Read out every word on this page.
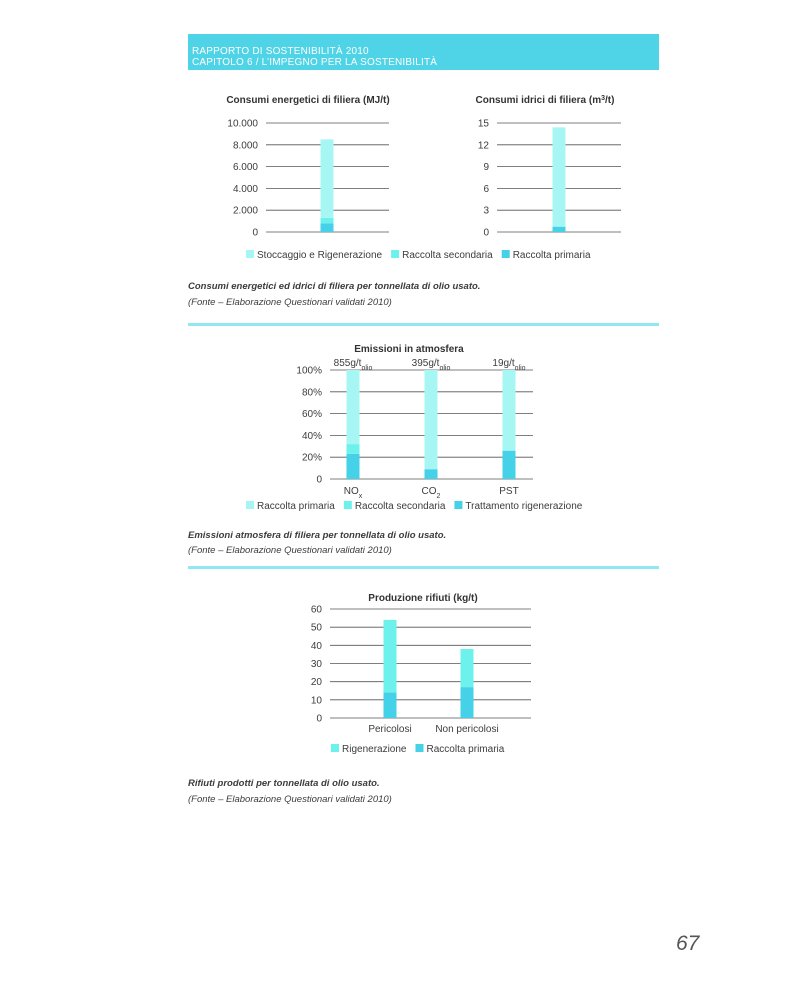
RAPPORTO DI SOSTENIBILITÀ 2010
CAPITOLO 6 / L’IMPEGNO PER LA SOSTENIBILITÀ
Consumi energetici di filiera (MJ/t)
0
2.000
4.000
6.000
8.000
10.000
Consumi idrici di filiera $(m^3/t)$
0
3
6
9
12
15
Stoccaggio e Rigenerazione Raccolta secondaria Raccolta primaria
Consumi energetici ed idrici di filiera per tonnellata di olio usato.
(Fonte – Elaborazione Questionari validati 2010)
Emissioni in atmosfera
0
20%
40%
60%
80%
100%
$NO_x$
$855g/t_{olio}$
$CO_2$
$395g/t_{olio}$
PST
$19g/t_{olio}$
Raccolta primaria Raccolta secondaria Trattamento rigenerazione
Emissioni atmosfera di filiera per tonnellata di olio usato.
(Fonte – Elaborazione Questionari validati 2010)
Produzione rifiuti (kg/t)
0
10
20
30
40
50
60
Pericolosi Non pericolosi
Rigenerazione Raccolta primaria
Rifiuti prodotti per tonnellata di olio usato.
(Fonte – Elaborazione Questionari validati 2010)
67
